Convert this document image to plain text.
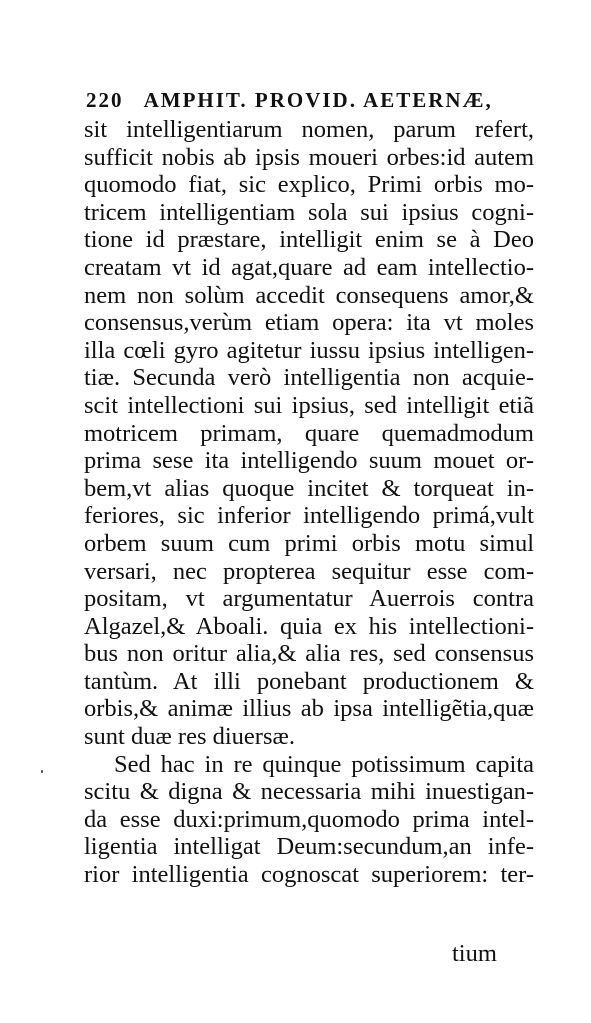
220 AMPHIT. PROVID. AETERNÆ,
sit intelligentiarum nomen, parum refert,
sufficit nobis ab ipsis moueri orbes:id autem
quomodo fiat, sic explico, Primi orbis mo-
tricem intelligentiam sola sui ipsius cogni-
tione id præstare, intelligit enim se à Deo
creatam vt id agat,quare ad eam intellectio-
nem non solùm accedit consequens amor,&
consensus,verùm etiam opera: ita vt moles
illa cœli gyro agitetur iussu ipsius intelligen-
tiæ. Secunda verò intelligentia non acquie-
scit intellectioni sui ipsius, sed intelligit etiã
motricem primam, quare quemadmodum
prima sese ita intelligendo suum mouet or-
bem,vt alias quoque incitet & torqueat in-
feriores, sic inferior intelligendo primá,vult
orbem suum cum primi orbis motu simul
versari, nec propterea sequitur esse com-
positam, vt argumentatur Auerrois contra
Algazel,& Aboali. quia ex his intellectioni-
bus non oritur alia,& alia res, sed consensus
tantùm. At illi ponebant productionem &
orbis,& animæ illius ab ipsa intelligẽtia,quæ
sunt duæ res diuersæ.
Sed hac in re quinque potissimum capita
scitu & digna & necessaria mihi inuestigan-
da esse duxi:primum,quomodo prima intel-
ligentia intelligat Deum:secundum,an infe-
rior intelligentia cognoscat superiorem: ter-
tium
